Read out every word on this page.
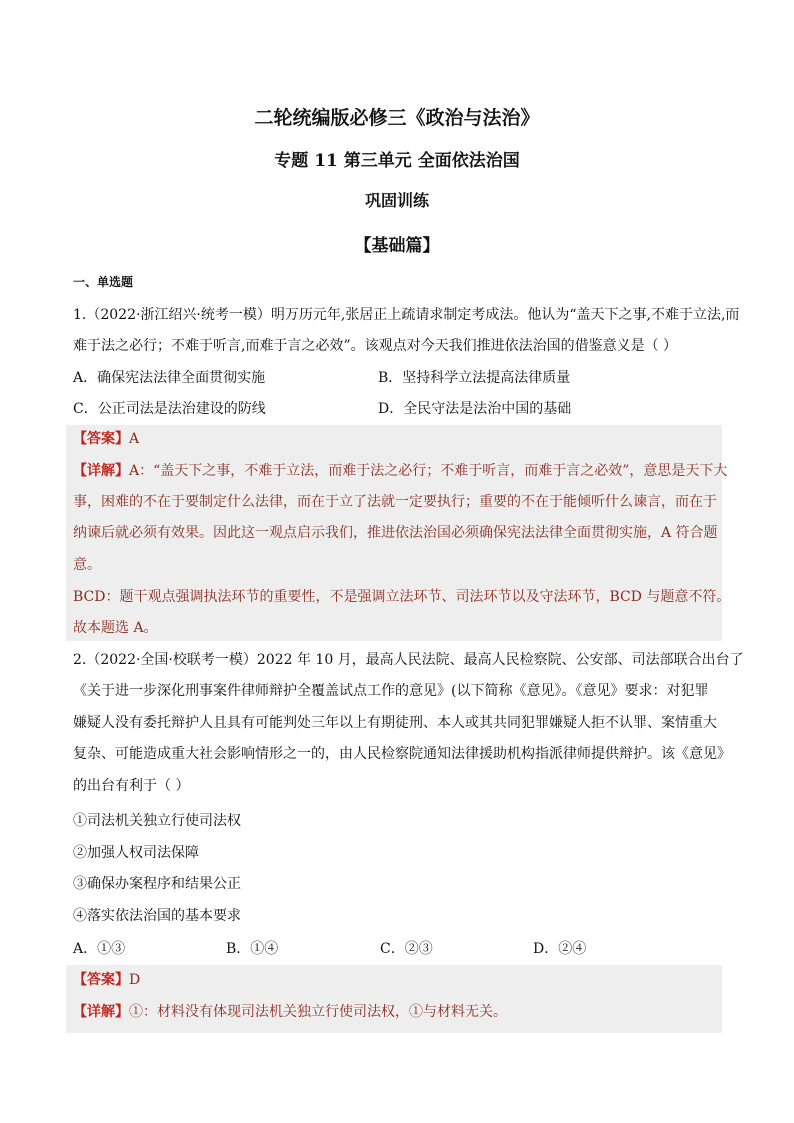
二轮统编版必修三《政治与法治》
专题 11 第三单元 全面依法治国
巩固训练
【基础篇】
一、单选题
1.（2022·浙江绍兴·统考一模）明万历元年,张居正上疏请求制定考成法。他认为“盖天下之事,不难于立法,而
难于法之必行；不难于听言,而难于言之必效”。该观点对今天我们推进依法治国的借鉴意义是（ ）
A．确保宪法法律全面贯彻实施	B．坚持科学立法提高法律质量
C．公正司法是法治建设的防线	D．全民守法是法治中国的基础
【答案】A
【详解】A：“盖天下之事，不难于立法，而难于法之必行；不难于听言，而难于言之必效”，意思是天下大
事，困难的不在于要制定什么法律，而在于立了法就一定要执行；重要的不在于能倾听什么谏言，而在于
纳谏后就必须有效果。因此这一观点启示我们，推进依法治国必须确保宪法法律全面贯彻实施，A 符合题
意。
BCD：题干观点强调执法环节的重要性，不是强调立法环节、司法环节以及守法环节，BCD 与题意不符。
故本题选 A。
2.（2022·全国·校联考一模）2022 年 10 月，最高人民法院、最高人民检察院、公安部、司法部联合出台了
《关于进一步深化刑事案件律师辩护全覆盖试点工作的意见》(以下简称《意见》。《意见》要求：对犯罪
嫌疑人没有委托辩护人且具有可能判处三年以上有期徒刑、本人或其共同犯罪嫌疑人拒不认罪、案情重大
复杂、可能造成重大社会影响情形之一的，由人民检察院通知法律援助机构指派律师提供辩护。该《意见》
的出台有利于（ ）
①司法机关独立行使司法权
②加强人权司法保障
③确保办案程序和结果公正
④落实依法治国的基本要求
A．①③	B．①④	C．②③	D．②④
【答案】D
【详解】①：材料没有体现司法机关独立行使司法权，①与材料无关。
